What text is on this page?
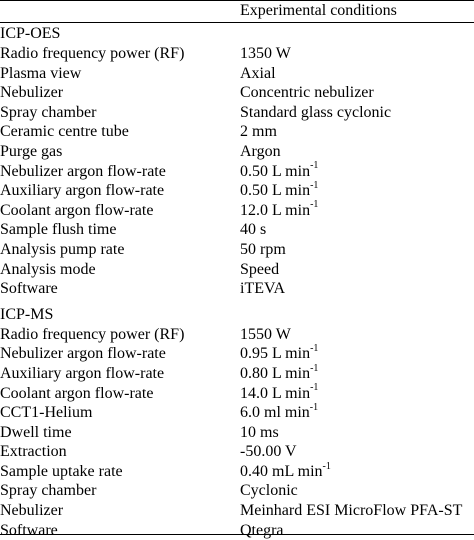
Experimental conditions
ICP-OES
Radio frequency power (RF)	1350 W
Plasma view	Axial
Nebulizer	Concentric nebulizer
Spray chamber	Standard glass cyclonic
Ceramic centre tube	2 mm
Purge gas	Argon
Nebulizer argon flow-rate	0.50 L $\min^{-1}$
Auxiliary argon flow-rate	0.50 L $\min^{-1}$
Coolant argon flow-rate	12.0 L $\min^{-1}$
Sample flush time	40 s
Analysis pump rate	50 rpm
Analysis mode	Speed
Software	iTEVA
ICP-MS
Radio frequency power (RF)	1550 W
Nebulizer argon flow-rate	0.95 L $\min^{-1}$
Auxiliary argon flow-rate	0.80 L $\min^{-1}$
Coolant argon flow-rate	14.0 L $\min^{-1}$
CCT1-Helium	6.0 ml $\min^{-1}$
Dwell time	10 ms
Extraction	-50.00 V
Sample uptake rate	0.40 mL $\min^{-1}$
Spray chamber	Cyclonic
Nebulizer	Meinhard ESI MicroFlow PFA-ST
Software	Qtegra
